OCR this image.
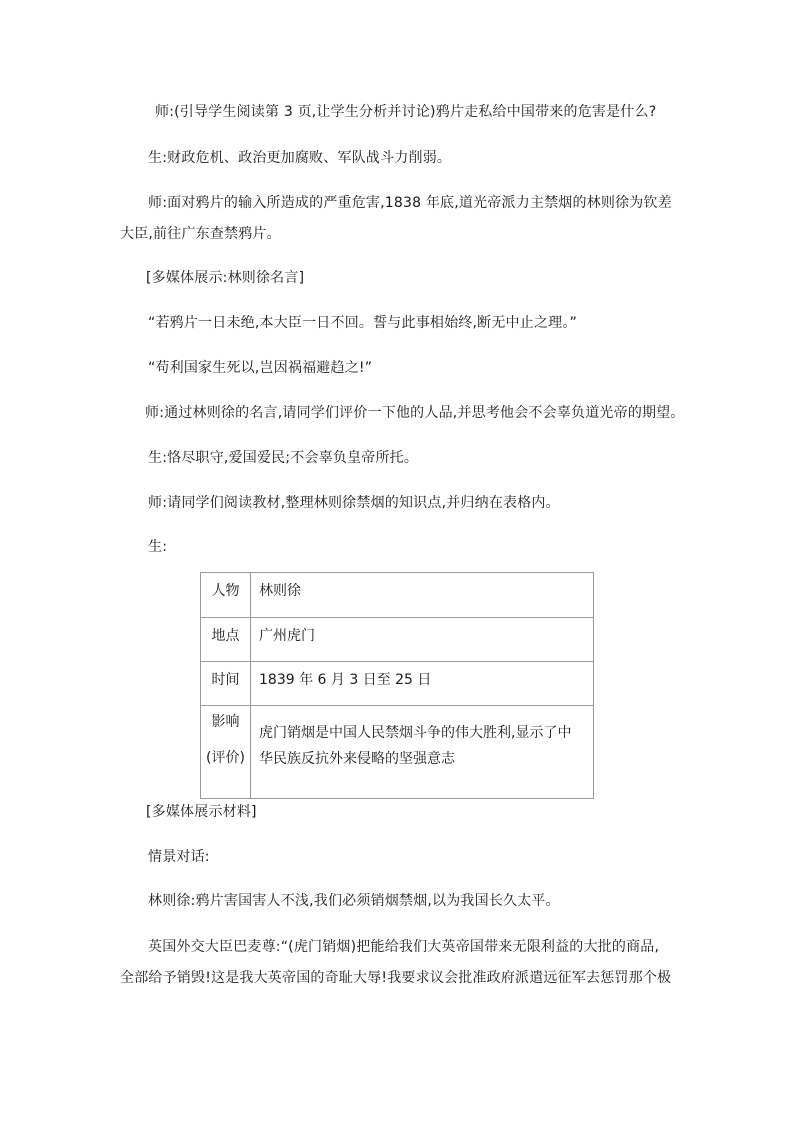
师:(引导学生阅读第 3 页,让学生分析并讨论)鸦片走私给中国带来的危害是什么?
生:财政危机、政治更加腐败、军队战斗力削弱。
师:面对鸦片的输入所造成的严重危害,1838 年底,道光帝派力主禁烟的林则徐为钦差
大臣,前往广东查禁鸦片。
[多媒体展示:林则徐名言]
“若鸦片一日未绝,本大臣一日不回。誓与此事相始终,断无中止之理。”
“苟利国家生死以,岂因祸福避趋之!”
师:通过林则徐的名言,请同学们评价一下他的人品,并思考他会不会辜负道光帝的期望。
生:恪尽职守,爱国爱民;不会辜负皇帝所托。
师:请同学们阅读教材,整理林则徐禁烟的知识点,并归纳在表格内。
生:
人物	林则徐

地点	广州虎门

时间	1839 年 6 月 3 日至 25 日

影响
(评价)	虎门销烟是中国人民禁烟斗争的伟大胜利,显示了中华民族反抗外来侵略的坚强意志
[多媒体展示材料]
情景对话:
林则徐:鸦片害国害人不浅,我们必须销烟禁烟,以为我国长久太平。
英国外交大臣巴麦尊:“(虎门销烟)把能给我们大英帝国带来无限利益的大批的商品,
全部给予销毁!这是我大英帝国的奇耻大辱!我要求议会批准政府派遣远征军去惩罚那个极
